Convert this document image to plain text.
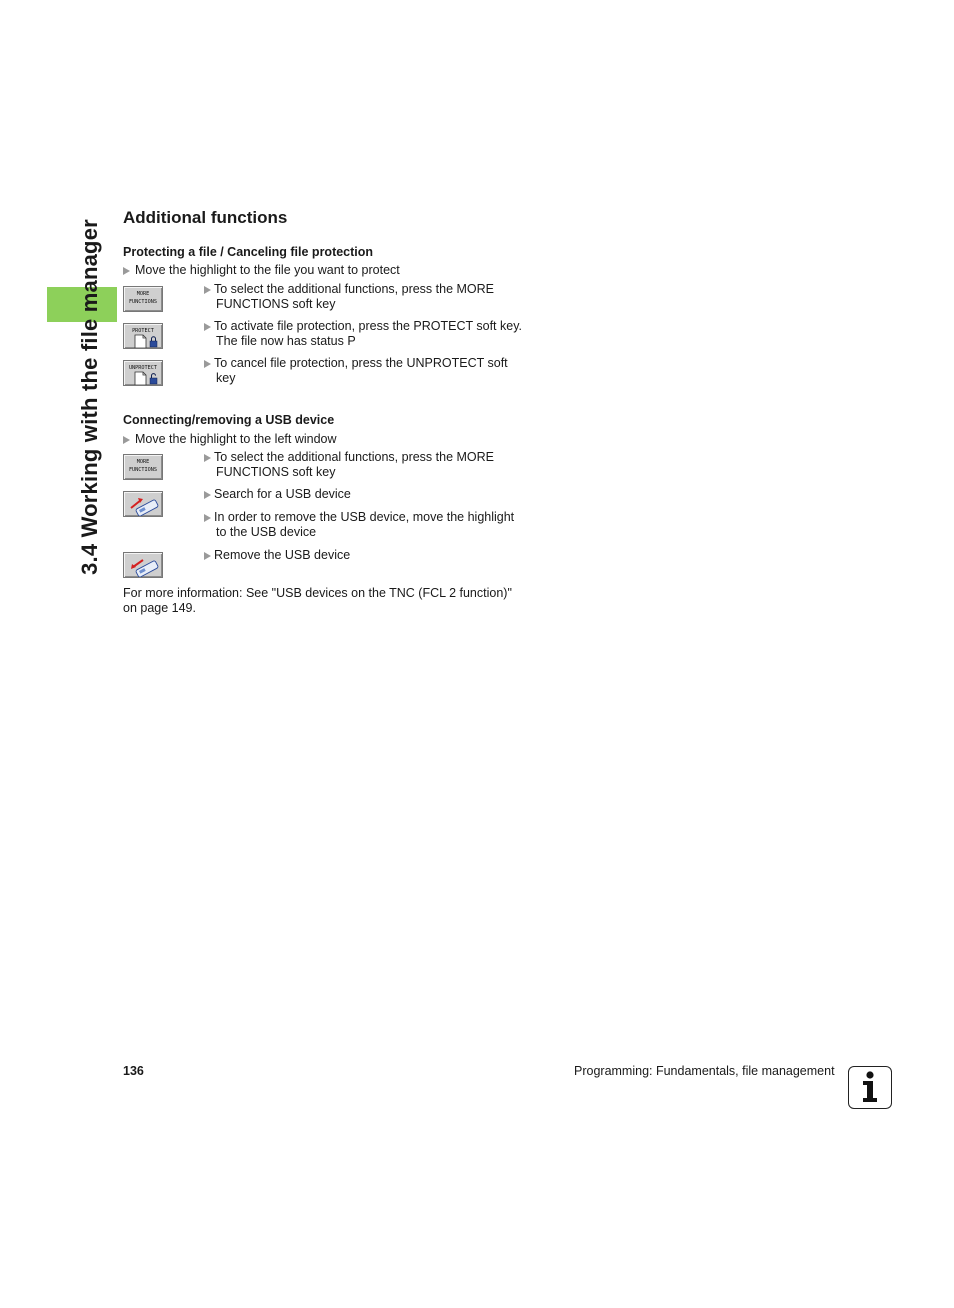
3.4 Working with the file manager
Additional functions

Protecting a file / Canceling file protection

Move the highlight to the file you want to protect
MORE
FUNCTIONS
To select the additional functions, press the MORE FUNCTIONS soft key
PROTECT	To activate file protection, press the PROTECT soft key. The file now has status P
UNPROTECT	To cancel file protection, press the UNPROTECT soft key

Connecting/removing a USB device

Move the highlight to the left window
MORE
FUNCTIONS
To select the additional functions, press the MORE FUNCTIONS soft key
Search for a USB device
In order to remove the USB device, move the highlight to the USB device
Remove the USB device
For more information: See "USB devices on the TNC (FCL 2 function)" on page 149.
136	Programming: Fundamentals, file management
